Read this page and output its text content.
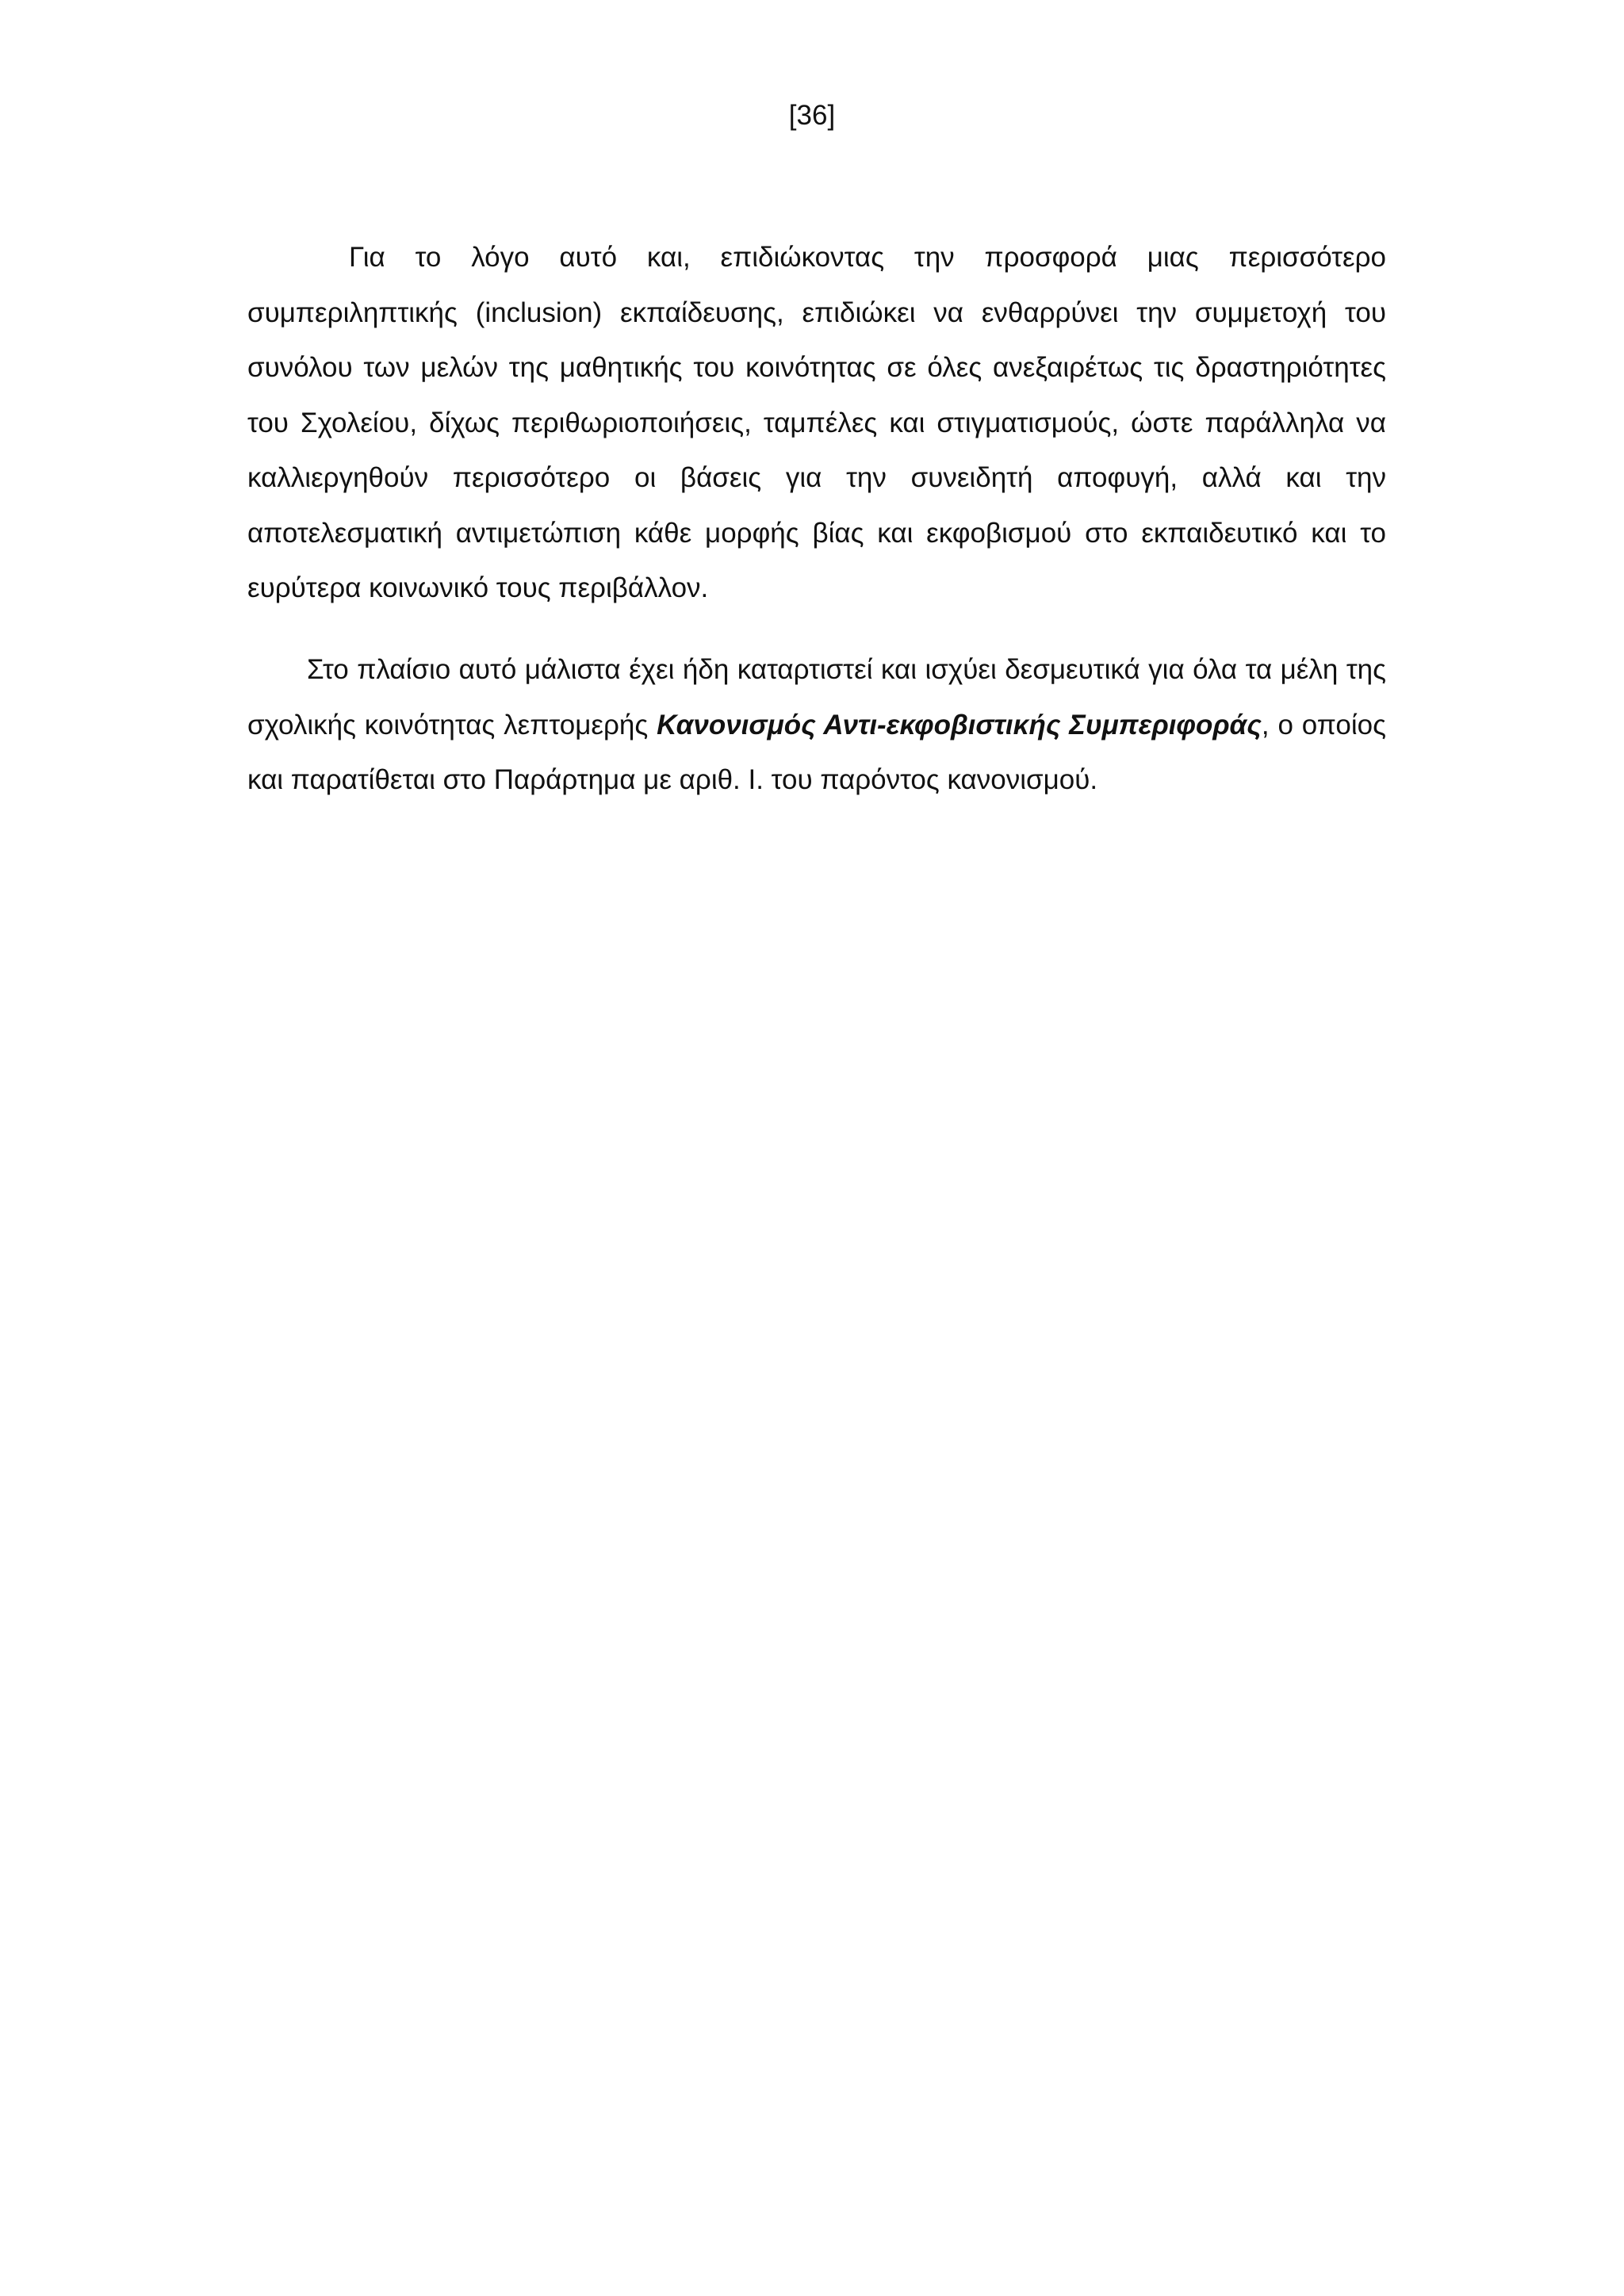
[36]

Για το λόγο αυτό και, επιδιώκοντας την προσφορά μιας περισσότερο συμπεριληπτικής (inclusion) εκπαίδευσης, επιδιώκει να ενθαρρύνει την συμμετοχή του συνόλου των μελών της μαθητικής του κοινότητας σε όλες ανεξαιρέτως τις δραστηριότητες του Σχολείου, δίχως περιθωριοποιήσεις, ταμπέλες και στιγματισμούς, ώστε παράλληλα να καλλιεργηθούν περισσότερο οι βάσεις για την συνειδητή αποφυγή, αλλά και την αποτελεσματική αντιμετώπιση κάθε μορφής βίας και εκφοβισμού στο εκπαιδευτικό και το ευρύτερα κοινωνικό τους περιβάλλον.

Στο πλαίσιο αυτό μάλιστα έχει ήδη καταρτιστεί και ισχύει δεσμευτικά για όλα τα μέλη της σχολικής κοινότητας λεπτομερής Κανονισμός Αντι-εκφοβιστικής Συμπεριφοράς, ο οποίος και παρατίθεται στο Παράρτημα με αριθ. Ι. του παρόντος κανονισμού.
